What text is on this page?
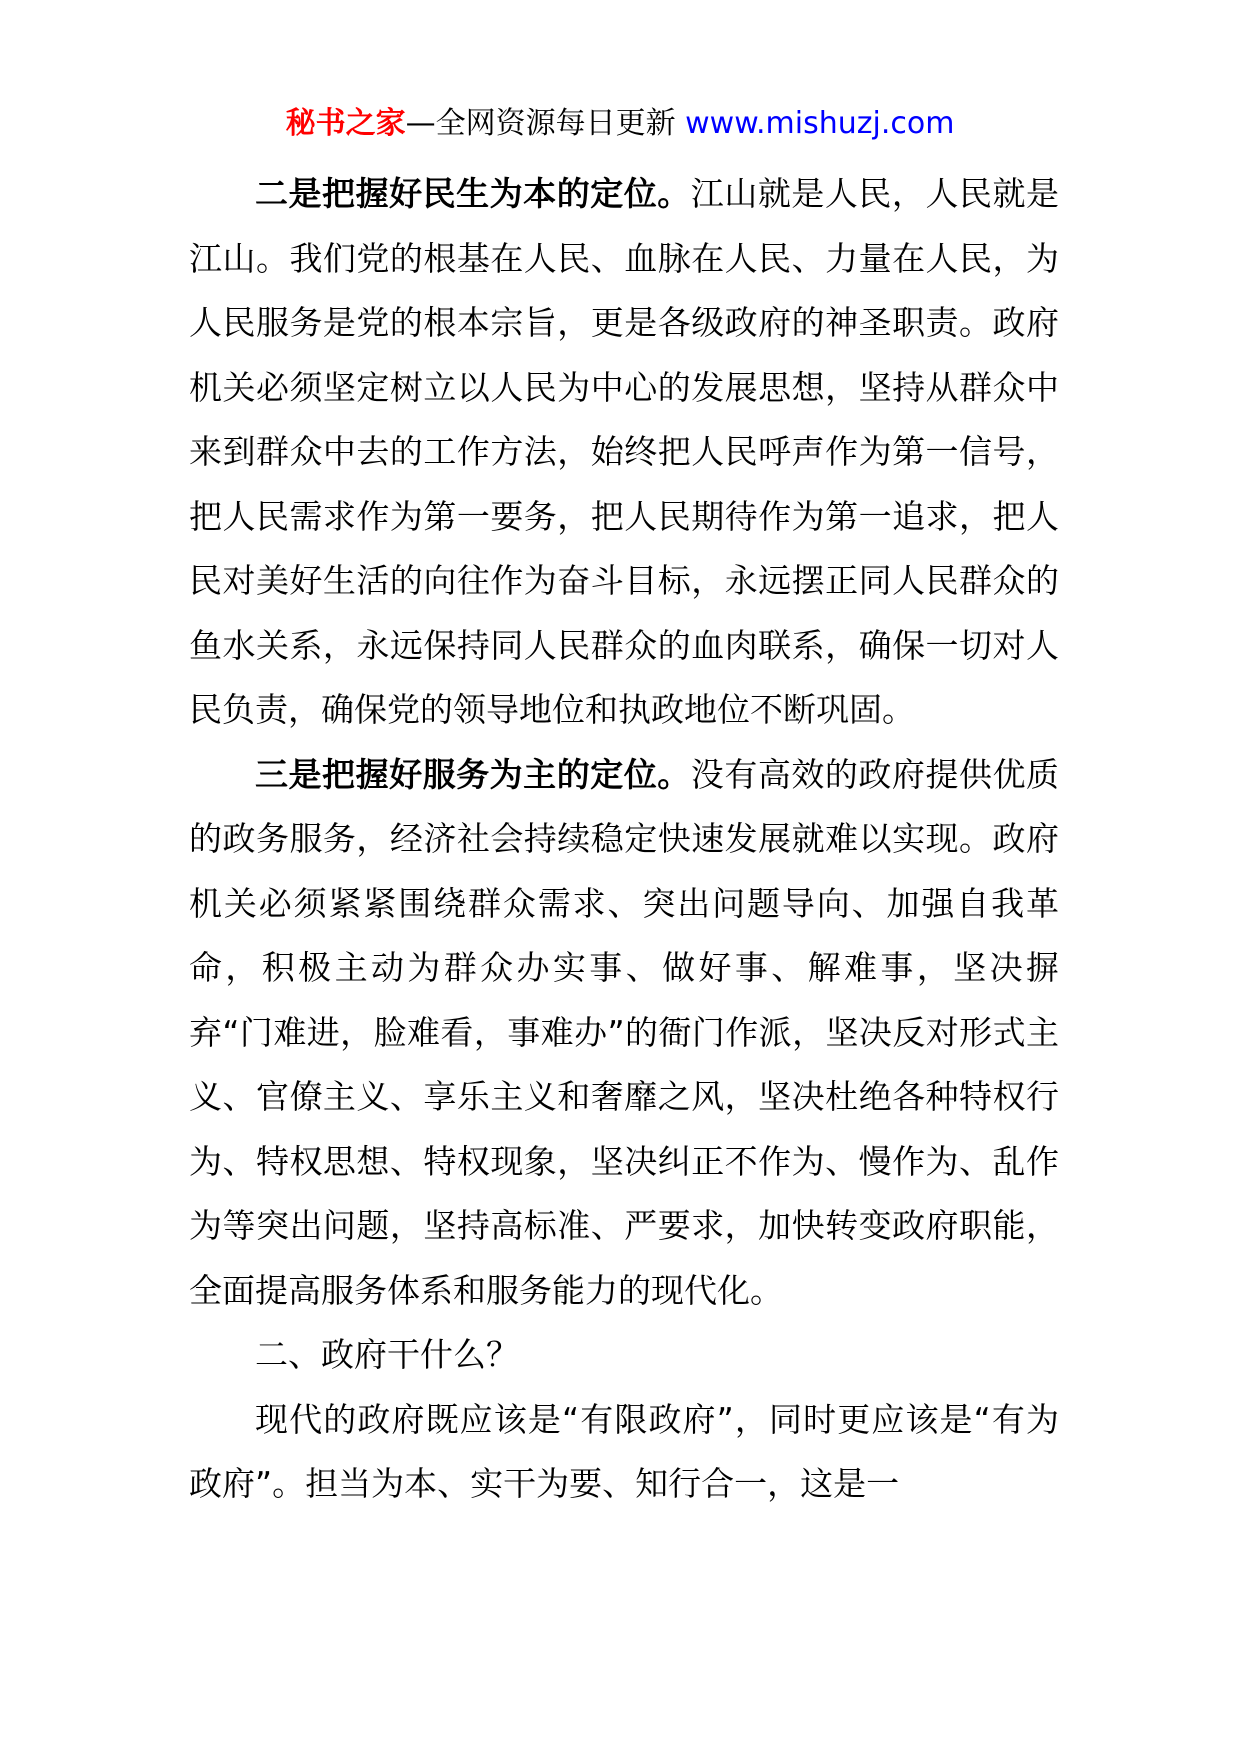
秘书之家—全网资源每日更新 www.mishuzj.com

二是把握好民生为本的定位。江山就是人民，人民就是江山。我们党的根基在人民、血脉在人民、力量在人民，为人民服务是党的根本宗旨，更是各级政府的神圣职责。政府机关必须坚定树立以人民为中心的发展思想，坚持从群众中来到群众中去的工作方法，始终把人民呼声作为第一信号，把人民需求作为第一要务，把人民期待作为第一追求，把人民对美好生活的向往作为奋斗目标，永远摆正同人民群众的鱼水关系，永远保持同人民群众的血肉联系，确保一切对人民负责，确保党的领导地位和执政地位不断巩固。

三是把握好服务为主的定位。没有高效的政府提供优质的政务服务，经济社会持续稳定快速发展就难以实现。政府机关必须紧紧围绕群众需求、突出问题导向、加强自我革命，积极主动为群众办实事、做好事、解难事，坚决摒弃“门难进，脸难看，事难办”的衙门作派，坚决反对形式主义、官僚主义、享乐主义和奢靡之风，坚决杜绝各种特权行为、特权思想、特权现象，坚决纠正不作为、慢作为、乱作为等突出问题，坚持高标准、严要求，加快转变政府职能，全面提高服务体系和服务能力的现代化。

二、政府干什么？

现代的政府既应该是“有限政府”，同时更应该是“有为政府”。担当为本、实干为要、知行合一，这是一
